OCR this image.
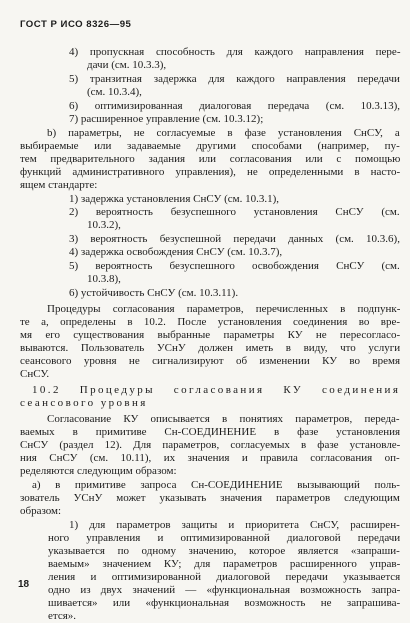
ГОСТ Р ИСО 8326—95
4) пропускная способность для каждого направления пере-
дачи (см. 10.3.3),
5) транзитная задержка для каждого направления передачи
(см. 10.3.4),
6) оптимизированная диалоговая передача (см. 10.3.13),
7) расширенное управление (см. 10.3.12);
b) параметры, не согласуемые в фазе установления СнСУ, а
выбираемые или задаваемые другими способами (например, пу-
тем предварительного задания или согласования или с помощью
функций административного управления), не определенными в насто-
ящем стандарте:
1) задержка установления СнСУ (см. 10.3.1),
2) вероятность безуспешного установления СнСУ (см.
10.3.2),
3) вероятность безуспешной передачи данных (см. 10.3.6),
4) задержка освобождения СнСУ (см. 10.3.7),
5) вероятность безуспешного освобождения СнСУ (см.
10.3.8),
6) устойчивость СнСУ (см. 10.3.11).
Процедуры согласования параметров, перечисленных в подпунк-
те а, определены в 10.2. После установления соединения во вре-
мя его существования выбранные параметры КУ не пересогласо-
вываются. Пользователь УСнУ должен иметь в виду, что услуги
сеансового уровня не сигнализируют об изменении КУ во время
СнСУ.
10.2 Процедуры согласования КУ соединения
сеансового уровня
Согласование КУ описывается в понятиях параметров, переда-
ваемых в примитиве Сн-СОЕДИНЕНИЕ в фазе установления
СнСУ (раздел 12). Для параметров, согласуемых в фазе установле-
ния СнСУ (см. 10.11), их значения и правила согласования оп-
ределяются следующим образом:
а) в примитиве запроса Сн-СОЕДИНЕНИЕ вызывающий поль-
зователь УСнУ может указывать значения параметров следующим
образом:
1) для параметров защиты и приоритета СнСУ, расширен-
ного управления и оптимизированной диалоговой передачи
указывается по одному значению, которое является «запраши-
ваемым» значением КУ; для параметров расширенного управ-
ления и оптимизированной диалоговой передачи указывается
одно из двух значений — «функциональная возможность запра-
шивается» или «функциональная возможность не запрашива-
ется».
18
